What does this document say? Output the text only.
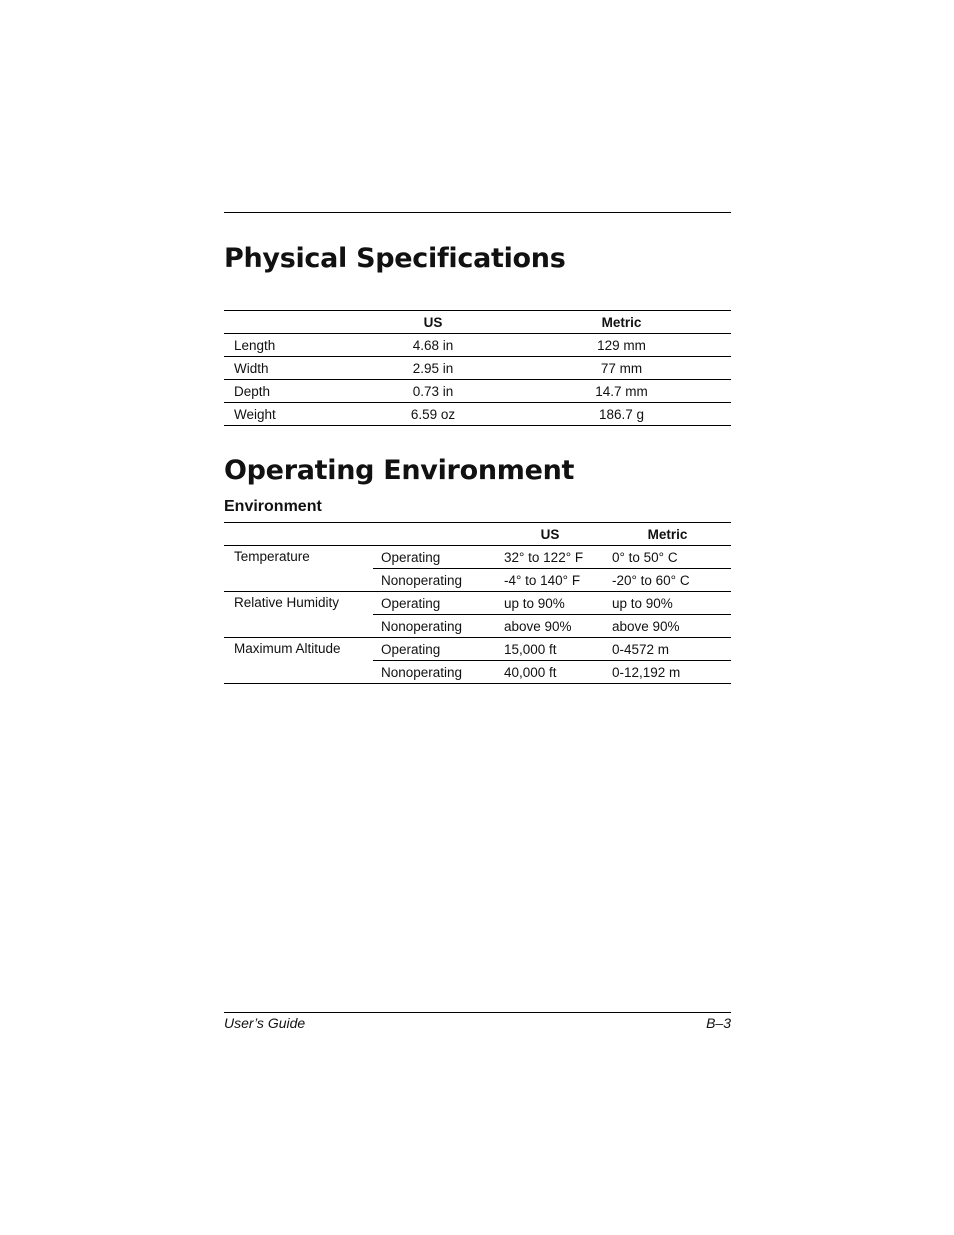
Physical Specifications
	US	Metric
Length	4.68 in	129 mm
Width	2.95 in	77 mm
Depth	0.73 in	14.7 mm
Weight	6.59 oz	186.7 g
Operating Environment
Environment
		US	Metric
Temperature	Operating	32° to 122° F	0° to 50° C
	Nonoperating	-4° to 140° F	-20° to 60° C
Relative Humidity	Operating	up to 90%	up to 90%
	Nonoperating	above 90%	above 90%
Maximum Altitude	Operating	15,000 ft	0-4572 m
	Nonoperating	40,000 ft	0-12,192 m
User’s Guide	B–3
